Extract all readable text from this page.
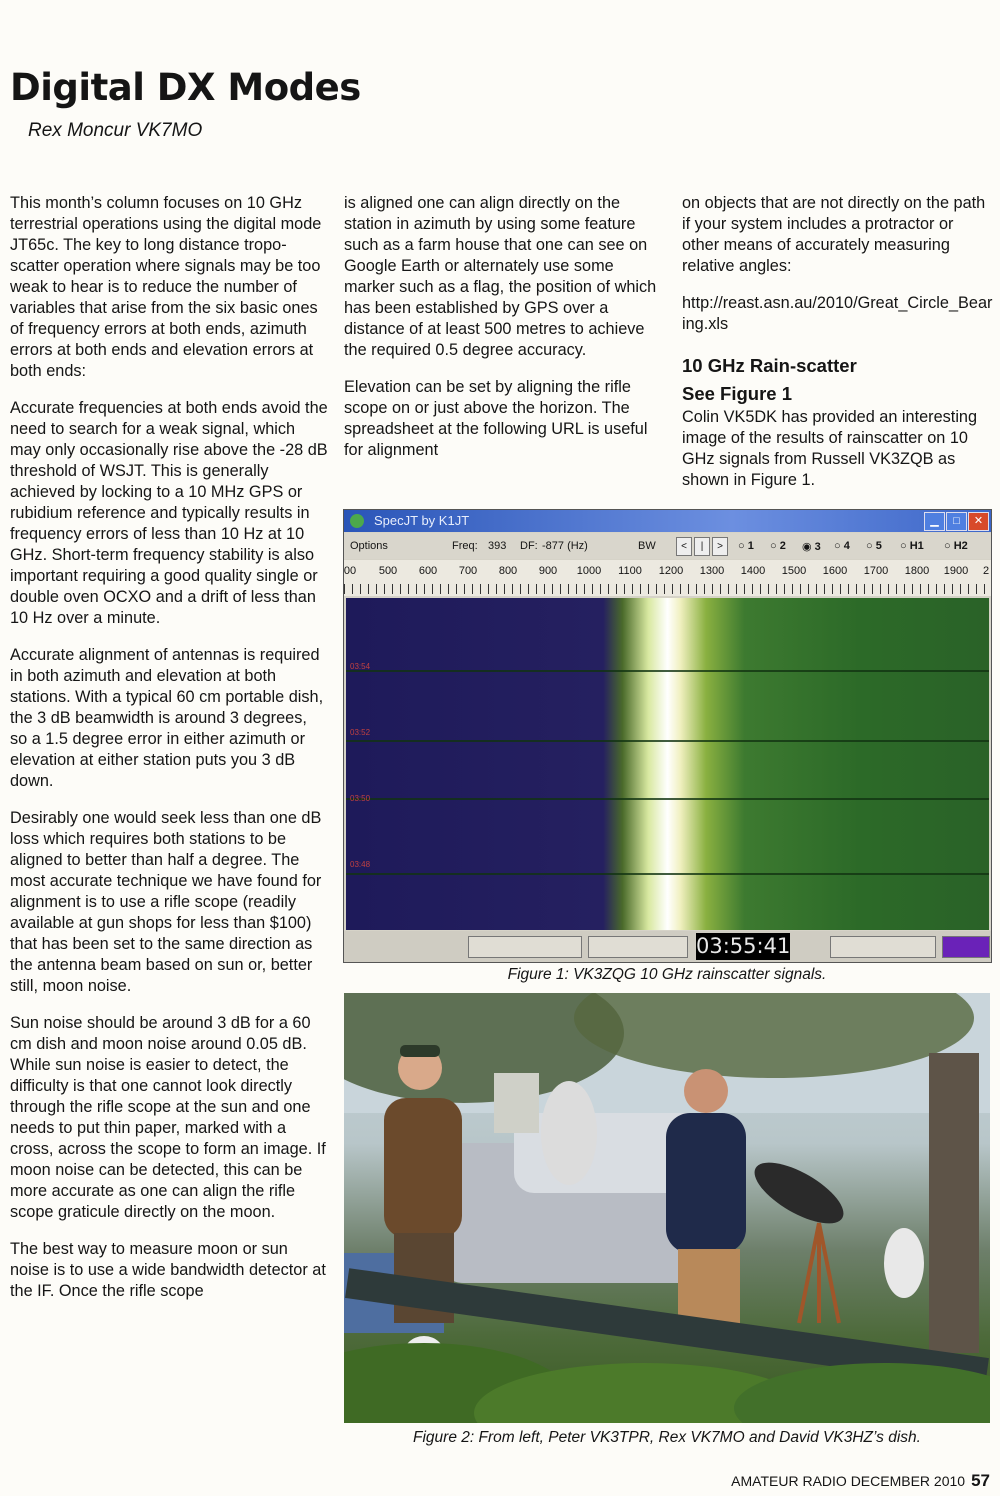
Digital DX Modes
Rex Moncur VK7MO

This month’s column focuses on 10 GHz terrestrial operations using the digital mode JT65c. The key to long distance tropo-scatter operation where signals may be too weak to hear is to reduce the number of variables that arise from the six basic ones of frequency errors at both ends, azimuth errors at both ends and elevation errors at both ends:

Accurate frequencies at both ends avoid the need to search for a weak signal, which may only occasionally rise above the -28 dB threshold of WSJT. This is generally achieved by locking to a 10 MHz GPS or rubidium reference and typically results in frequency errors of less than 10 Hz at 10 GHz. Short-term frequency stability is also important requiring a good quality single or double oven OCXO and a drift of less than 10 Hz over a minute.

Accurate alignment of antennas is required in both azimuth and elevation at both stations. With a typical 60 cm portable dish, the 3 dB beamwidth is around 3 degrees, so a 1.5 degree error in either azimuth or elevation at either station puts you 3 dB down.

Desirably one would seek less than one dB loss which requires both stations to be aligned to better than half a degree. The most accurate technique we have found for alignment is to use a rifle scope (readily available at gun shops for less than $100) that has been set to the same direction as the antenna beam based on sun or, better still, moon noise.

Sun noise should be around 3 dB for a 60 cm dish and moon noise around 0.05 dB. While sun noise is easier to detect, the difficulty is that one cannot look directly through the rifle scope at the sun and one needs to put thin paper, marked with a cross, across the scope to form an image. If moon noise can be detected, this can be more accurate as one can align the rifle scope graticule directly on the moon.

The best way to measure moon or sun noise is to use a wide bandwidth detector at the IF. Once the rifle scope

is aligned one can align directly on the station in azimuth by using some feature such as a farm house that one can see on Google Earth or alternately use some marker such as a flag, the position of which has been established by GPS over a distance of at least 500 metres to achieve the required 0.5 degree accuracy.

Elevation can be set by aligning the rifle scope on or just above the horizon. The spreadsheet at the following URL is useful for alignment

on objects that are not directly on the path if your system includes a protractor or other means of accurately measuring relative angles:

http://reast.asn.au/2010/Great_Circle_Bearing.xls

10 GHz Rain-scatter
See Figure 1

Colin VK5DK has provided an interesting image of the results of rainscatter on 10 GHz signals from Russell VK3ZQB as shown in Figure 1.

SpecJT by K1JT	▁	□	✕
Options	Freq: 393 DF: -877 (Hz)	BW	<	|	>	○ 1 ○ 2 ◉ 3 ○ 4 ○ 5 ○ H1 ○ H2
00 500 600 700 800 900 1000 1100 1200 1300 1400 1500 1600 1700 1800 1900 2
03:54
03:52
03:50
03:48
03:55:41
Figure 1: VK3ZQG 10 GHz rainscatter signals.
Figure 2: From left, Peter VK3TPR, Rex VK7MO and David VK3HZ’s dish.
AMATEUR RADIO DECEMBER 2010 57
